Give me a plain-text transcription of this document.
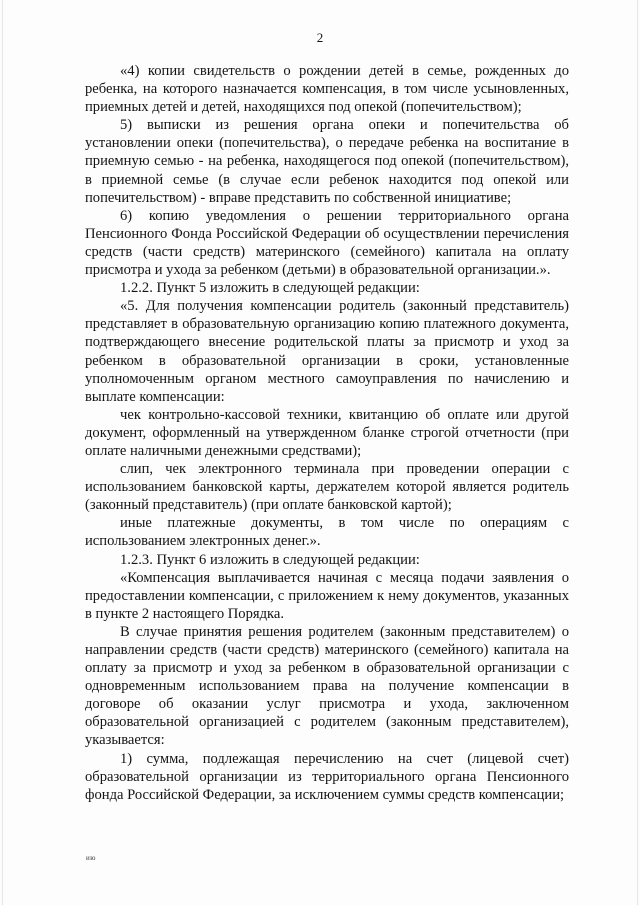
2

«4) копии свидетельств о рождении детей в семье, рожденных до ребенка, на которого назначается компенсация, в том числе усыновленных, приемных детей и детей, находящихся под опекой (попечительством);

5) выписки из решения органа опеки и попечительства об установлении опеки (попечительства), о передаче ребенка на воспитание в приемную семью - на ребенка, находящегося под опекой (попечительством), в приемной семье (в случае если ребенок находится под опекой или попечительством) - вправе представить по собственной инициативе;

6) копию уведомления о решении территориального органа Пенсионного Фонда Российской Федерации об осуществлении перечисления средств (части средств) материнского (семейного) капитала на оплату присмотра и ухода за ребенком (детьми) в образовательной организации.».

1.2.2. Пункт 5 изложить в следующей редакции:

«5. Для получения компенсации родитель (законный представитель) представляет в образовательную организацию копию платежного документа, подтверждающего внесение родительской платы за присмотр и уход за ребенком в образовательной организации в сроки, установленные уполномоченным органом местного самоуправления по начислению и выплате компенсации:

чек контрольно-кассовой техники, квитанцию об оплате или другой документ, оформленный на утвержденном бланке строгой отчетности (при оплате наличными денежными средствами);

слип, чек электронного терминала при проведении операции с использованием банковской карты, держателем которой является родитель (законный представитель) (при оплате банковской картой);

иные платежные документы, в том числе по операциям с использованием электронных денег.».

1.2.3. Пункт 6 изложить в следующей редакции:

«Компенсация выплачивается начиная с месяца подачи заявления о предоставлении компенсации, с приложением к нему документов, указанных в пункте 2 настоящего Порядка.

В случае принятия решения родителем (законным представителем) о направлении средств (части средств) материнского (семейного) капитала на оплату за присмотр и уход за ребенком в образовательной организации с одновременным использованием права на получение компенсации в договоре об оказании услуг присмотра и ухода, заключенном образовательной организацией с родителем (законным представителем), указывается:

1) сумма, подлежащая перечислению на счет (лицевой счет) образовательной организации из территориального органа Пенсионного фонда Российской Федерации, за исключением суммы средств компенсации;

ию
